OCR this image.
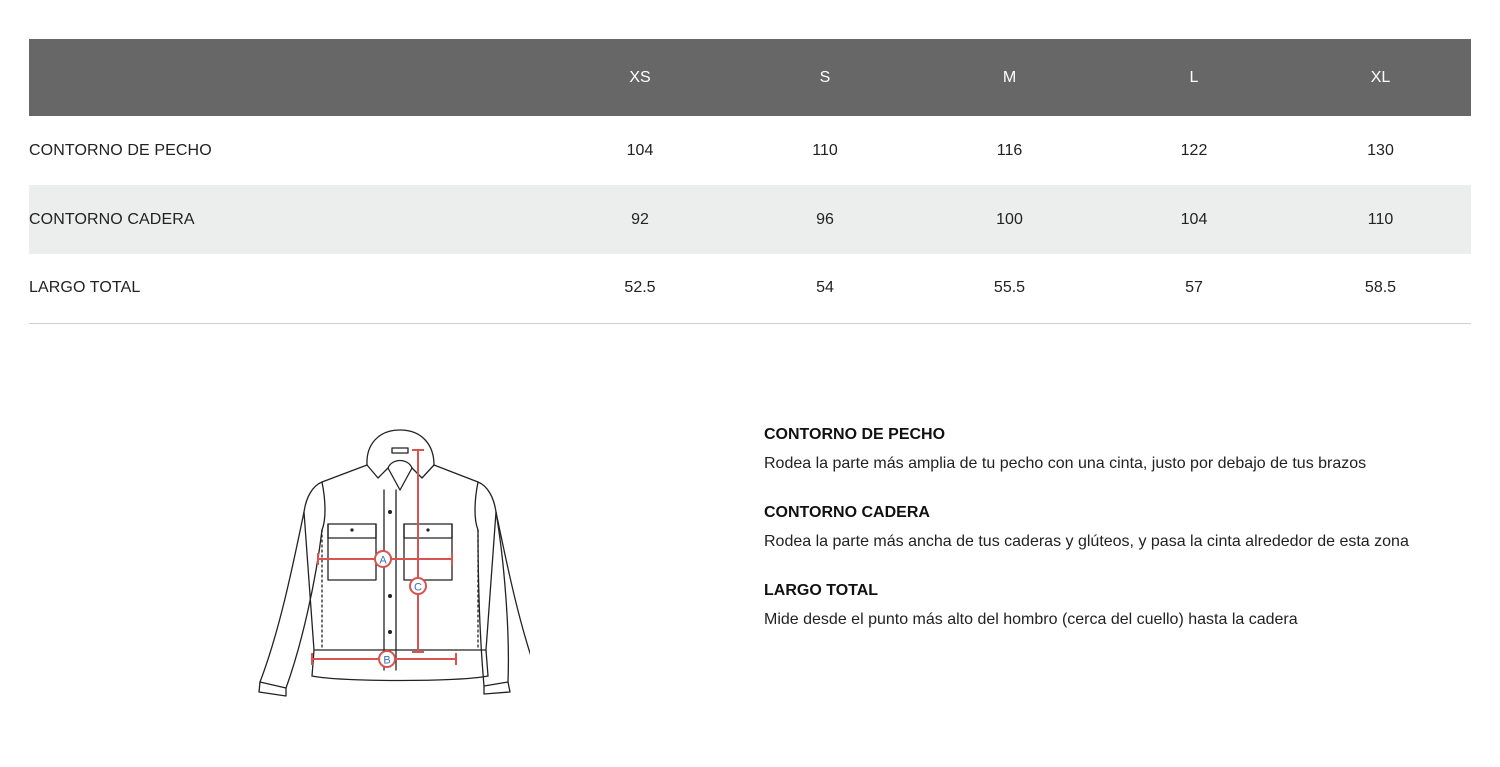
	XS	S	M	L	XL
CONTORNO DE PECHO	104	110	116	122	130
CONTORNO CADERA	92	96	100	104	110
LARGO TOTAL	52.5	54	55.5	57	58.5
A
C
B
CONTORNO DE PECHO
Rodea la parte más amplia de tu pecho con una cinta, justo por debajo de tus brazos
CONTORNO CADERA
Rodea la parte más ancha de tus caderas y glúteos, y pasa la cinta alrededor de esta zona
LARGO TOTAL
Mide desde el punto más alto del hombro (cerca del cuello) hasta la cadera
